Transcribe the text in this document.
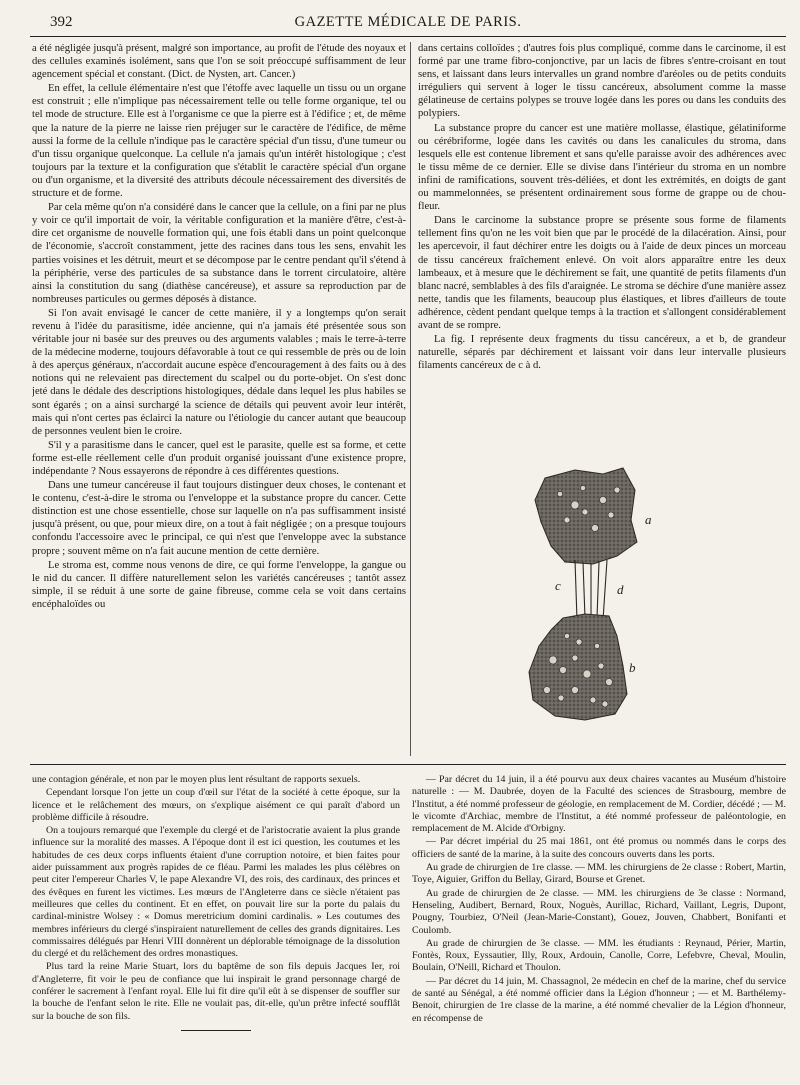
392	GAZETTE MÉDICALE DE PARIS.

a été négligée jusqu'à présent, malgré son importance, au profit de l'étude des noyaux et des cellules examinés isolément, sans que l'on se soit préoccupé suffisamment de leur agencement spécial et constant. (Dict. de Nysten, art. Cancer.)

En effet, la cellule élémentaire n'est que l'étoffe avec laquelle un tissu ou un organe est construit ; elle n'implique pas nécessairement telle ou telle forme organique, tel ou tel mode de structure. Elle est à l'organisme ce que la pierre est à l'édifice ; et, de même que la nature de la pierre ne laisse rien préjuger sur le caractère de l'édifice, de même aussi la forme de la cellule n'indique pas le caractère spécial d'un tissu, d'une tumeur ou d'un tissu organique quelconque. La cellule n'a jamais qu'un intérêt histologique ; c'est toujours par la texture et la configuration que s'établit le caractère spécial d'un organe ou d'un organisme, et la diversité des attributs découle nécessairement des diversités de structure et de forme.

Par cela même qu'on n'a considéré dans le cancer que la cellule, on a fini par ne plus y voir ce qu'il importait de voir, la véritable configuration et la manière d'être, c'est-à-dire cet organisme de nouvelle formation qui, une fois établi dans un point quelconque de l'économie, s'accroît constamment, jette des racines dans tous les sens, envahit les parties voisines et les détruit, meurt et se décompose par le centre pendant qu'il s'étend à la périphérie, verse des particules de sa substance dans le torrent circulatoire, altère ainsi la constitution du sang (diathèse cancéreuse), et assure sa reproduction par de nombreuses particules ou germes déposés à distance.

Si l'on avait envisagé le cancer de cette manière, il y a longtemps qu'on serait revenu à l'idée du parasitisme, idée ancienne, qui n'a jamais été présentée sous son véritable jour ni basée sur des preuves ou des arguments valables ; mais le terre-à-terre de la médecine moderne, toujours défavorable à tout ce qui ressemble de près ou de loin à des aperçus généraux, n'accordait aucune espèce d'encouragement à des faits ou à des notions qui ne relevaient pas directement du scalpel ou du porte-objet. On s'est donc jeté dans le dédale des descriptions histologiques, dédale dans lequel les plus habiles se sont égarés ; on a ainsi surchargé la science de détails qui peuvent avoir leur intérêt, mais qui n'ont certes pas éclairci la nature ou l'étiologie du cancer autant que beaucoup de personnes veulent bien le croire.

S'il y a parasitisme dans le cancer, quel est le parasite, quelle est sa forme, et cette forme est-elle réellement celle d'un produit organisé jouissant d'une existence propre, indépendante ? Nous essayerons de répondre à ces différentes questions.

Dans une tumeur cancéreuse il faut toujours distinguer deux choses, le contenant et le contenu, c'est-à-dire le stroma ou l'enveloppe et la substance propre du cancer. Cette distinction est une chose essentielle, chose sur laquelle on n'a pas suffisamment insisté jusqu'à présent, ou que, pour mieux dire, on a tout à fait négligée ; on a presque toujours confondu l'accessoire avec le principal, ce qui n'est que l'enveloppe avec la substance propre ; souvent même on n'a fait aucune mention de cette dernière.

Le stroma est, comme nous venons de dire, ce qui forme l'enveloppe, la gangue ou le nid du cancer. Il diffère naturellement selon les variétés cancéreuses ; tantôt assez simple, il se réduit à une sorte de gaine fibreuse, comme cela se voit dans certains encéphaloïdes ou

dans certains colloïdes ; d'autres fois plus compliqué, comme dans le carcinome, il est formé par une trame fibro-conjonctive, par un lacis de fibres s'entre-croisant en tout sens, et laissant dans leurs intervalles un grand nombre d'aréoles ou de petits conduits irréguliers qui servent à loger le tissu cancéreux, absolument comme la masse gélatineuse de certains polypes se trouve logée dans les pores ou dans les conduits des polypiers.

La substance propre du cancer est une matière mollasse, élastique, gélatiniforme ou cérébriforme, logée dans les cavités ou dans les canalicules du stroma, dans lesquels elle est contenue librement et sans qu'elle paraisse avoir des adhérences avec le tissu même de ce dernier. Elle se divise dans l'intérieur du stroma en un nombre infini de ramifications, souvent très-déliées, et dont les extrémités, en doigts de gant ou mammelonnées, se présentent ordinairement sous forme de grappe ou de chou-fleur.

Dans le carcinome la substance propre se présente sous forme de filaments tellement fins qu'on ne les voit bien que par le procédé de la dilacération. Ainsi, pour les apercevoir, il faut déchirer entre les doigts ou à l'aide de deux pinces un morceau de tissu cancéreux fraîchement enlevé. On voit alors apparaître entre les deux lambeaux, et à mesure que le déchirement se fait, une quantité de petits filaments d'un blanc nacré, semblables à des fils d'araignée. Le stroma se déchire d'une manière assez nette, tandis que les filaments, beaucoup plus élastiques, et libres d'ailleurs de toute adhérence, cèdent pendant quelque temps à la traction et s'allongent considérablement avant de se rompre.

La fig. I représente deux fragments du tissu cancéreux, a et b, de grandeur naturelle, séparés par déchirement et laissant voir dans leur intervalle plusieurs filaments cancéreux de c à d.

a
c	d
b

une contagion générale, et non par le moyen plus lent résultant de rapports sexuels.

Cependant lorsque l'on jette un coup d'œil sur l'état de la société à cette époque, sur la licence et le relâchement des mœurs, on s'explique aisément ce qui paraît d'abord un problème difficile à résoudre.

On a toujours remarqué que l'exemple du clergé et de l'aristocratie avaient la plus grande influence sur la moralité des masses. A l'époque dont il est ici question, les coutumes et les habitudes de ces deux corps influents étaient d'une corruption notoire, et bien faites pour aider puissamment aux progrès rapides de ce fléau. Parmi les malades les plus célèbres on peut citer l'empereur Charles V, le pape Alexandre VI, des rois, des cardinaux, des princes et des évêques en furent les victimes. Les mœurs de l'Angleterre dans ce siècle n'étaient pas meilleures que celles du continent. Et en effet, on pouvait lire sur la porte du palais du cardinal-ministre Wolsey : « Domus meretricium domini cardinalis. » Les coutumes des membres inférieurs du clergé s'inspiraient naturellement de celles des grands dignitaires. Les commissaires délégués par Henri VIII donnèrent un déplorable témoignage de la dissolution du clergé et du relâchement des ordres monastiques.

Plus tard la reine Marie Stuart, lors du baptême de son fils depuis Jacques Ier, roi d'Angleterre, fit voir le peu de confiance que lui inspirait le grand personnage chargé de conférer le sacrement à l'enfant royal. Elle lui fit dire qu'il eût à se dispenser de souffler sur la bouche de l'enfant selon le rite. Elle ne voulait pas, dit-elle, qu'un prêtre infecté soufflât sur la bouche de son fils.

— Par décret du 14 juin, il a été pourvu aux deux chaires vacantes au Muséum d'histoire naturelle : — M. Daubrée, doyen de la Faculté des sciences de Strasbourg, membre de l'Institut, a été nommé professeur de géologie, en remplacement de M. Cordier, décédé ; — M. le vicomte d'Archiac, membre de l'Institut, a été nommé professeur de paléontologie, en remplacement de M. Alcide d'Orbigny.

— Par décret impérial du 25 mai 1861, ont été promus ou nommés dans le corps des officiers de santé de la marine, à la suite des concours ouverts dans les ports.

Au grade de chirurgien de 1re classe. — MM. les chirurgiens de 2e classe : Robert, Martin, Toye, Aiguier, Griffon du Bellay, Girard, Bourse et Grenet.

Au grade de chirurgien de 2e classe. — MM. les chirurgiens de 3e classe : Normand, Henseling, Audibert, Bernard, Roux, Noguès, Aurillac, Richard, Vaillant, Legris, Dupont, Pougny, Tourbiez, O'Neil (Jean-Marie-Constant), Gouez, Jouven, Chabbert, Bonifanti et Coulomb.

Au grade de chirurgien de 3e classe. — MM. les étudiants : Reynaud, Périer, Martin, Fontès, Roux, Eyssautier, Illy, Roux, Ardouin, Canolle, Corre, Lefebvre, Cheval, Moulin, Boulain, O'Neill, Richard et Thoulon.

— Par décret du 14 juin, M. Chassagnol, 2e médecin en chef de la marine, chef du service de santé au Sénégal, a été nommé officier dans la Légion d'honneur ; — et M. Barthélemy-Benoit, chirurgien de 1re classe de la marine, a été nommé chevalier de la Légion d'honneur, en récompense de
